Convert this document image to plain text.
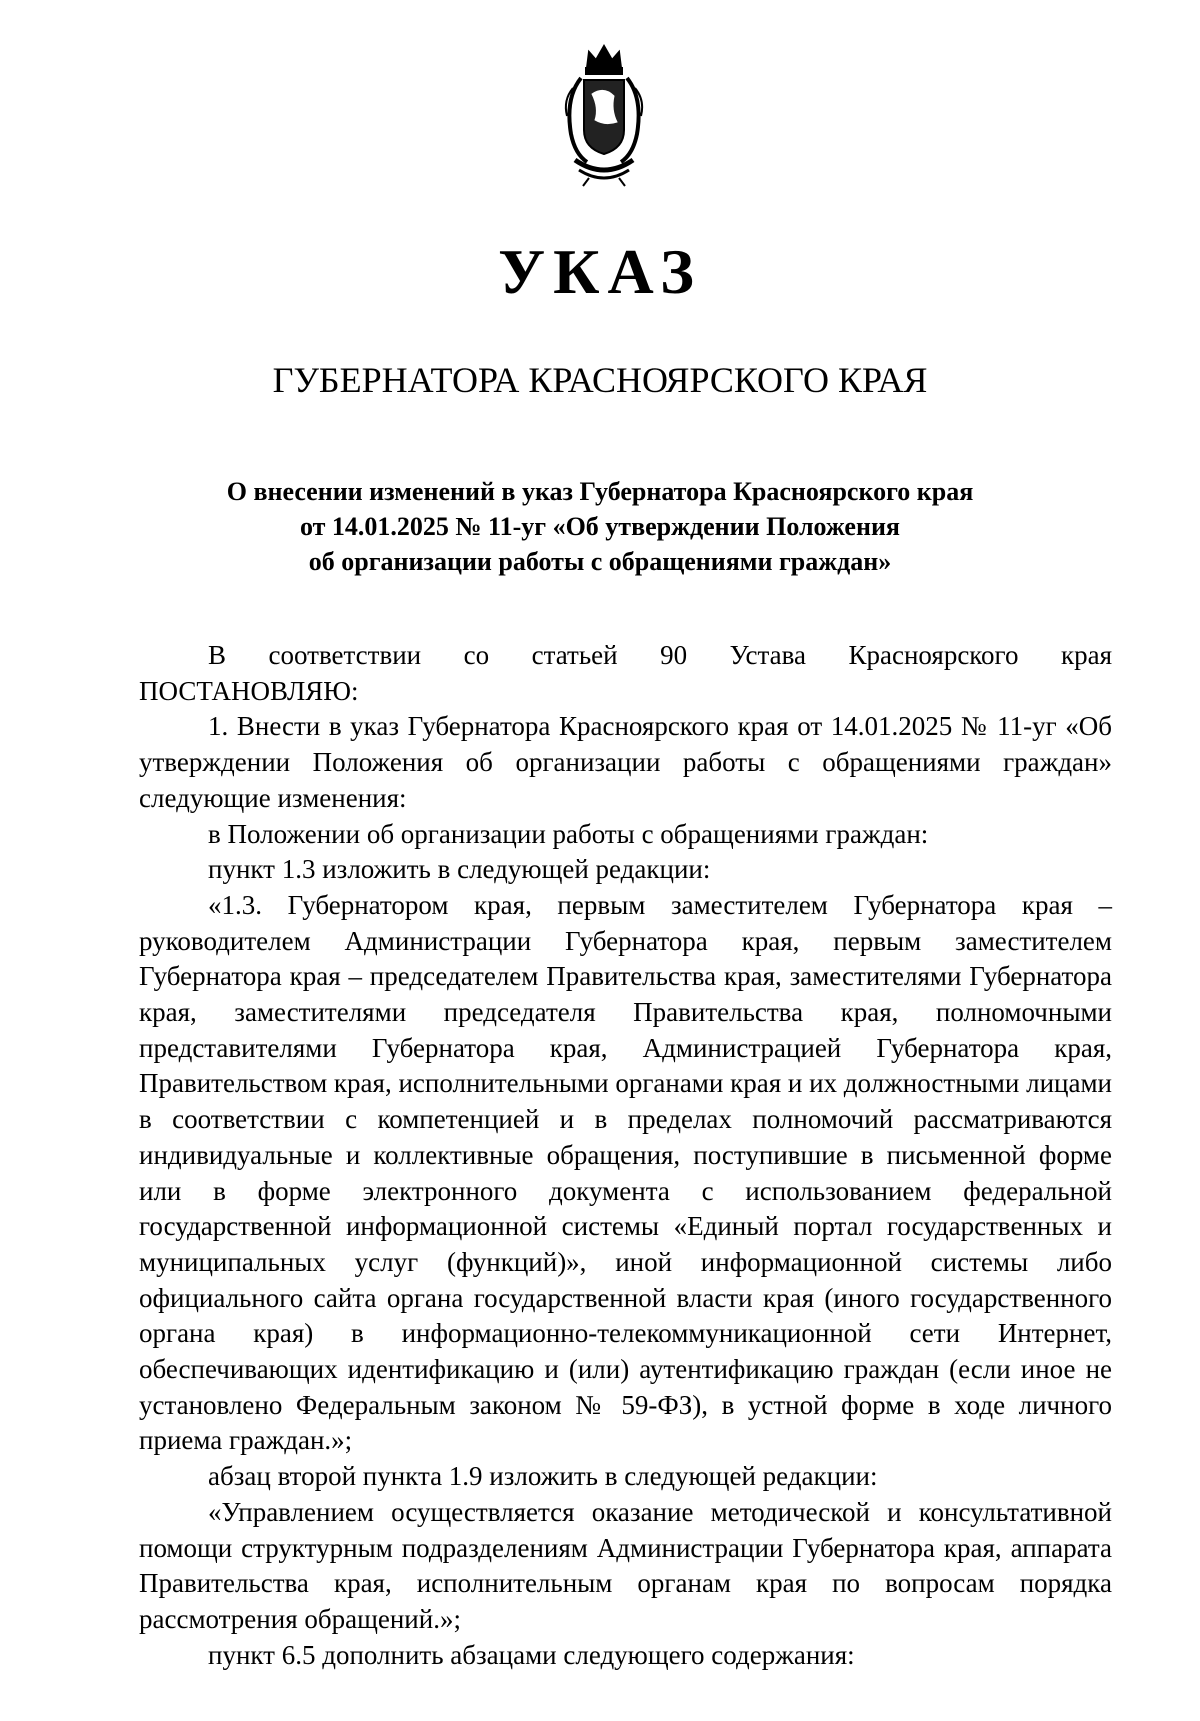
УКАЗ
ГУБЕРНАТОРА КРАСНОЯРСКОГО КРАЯ
О внесении изменений в указ Губернатора Красноярского края
от 14.01.2025 № 11-уг «Об утверждении Положения
об организации работы с обращениями граждан»

В соответствии со статьей 90 Устава Красноярского края

ПОСТАНОВЛЯЮ:

1. Внести в указ Губернатора Красноярского края от 14.01.2025 № 11-уг «Об утверждении Положения об организации работы с обращениями граждан» следующие изменения:

в Положении об организации работы с обращениями граждан:

пункт 1.3 изложить в следующей редакции:

«1.3. Губернатором края, первым заместителем Губернатора края – руководителем Администрации Губернатора края, первым заместителем Губернатора края – председателем Правительства края, заместителями Губернатора края, заместителями председателя Правительства края, полномочными представителями Губернатора края, Администрацией Губернатора края, Правительством края, исполнительными органами края и их должностными лицами в соответствии с компетенцией и в пределах полномочий рассматриваются индивидуальные и коллективные обращения, поступившие в письменной форме или в форме электронного документа с использованием федеральной государственной информационной системы «Единый портал государственных и муниципальных услуг (функций)», иной информационной системы либо официального сайта органа государственной власти края (иного государственного органа края) в информационно-телекоммуникационной сети Интернет, обеспечивающих идентификацию и (или) аутентификацию граждан (если иное не установлено Федеральным законом № 59-ФЗ), в устной форме в ходе личного приема граждан.»;

абзац второй пункта 1.9 изложить в следующей редакции:

«Управлением осуществляется оказание методической и консультативной помощи структурным подразделениям Администрации Губернатора края, аппарата Правительства края, исполнительным органам края по вопросам порядка рассмотрения обращений.»;

пункт 6.5 дополнить абзацами следующего содержания:
